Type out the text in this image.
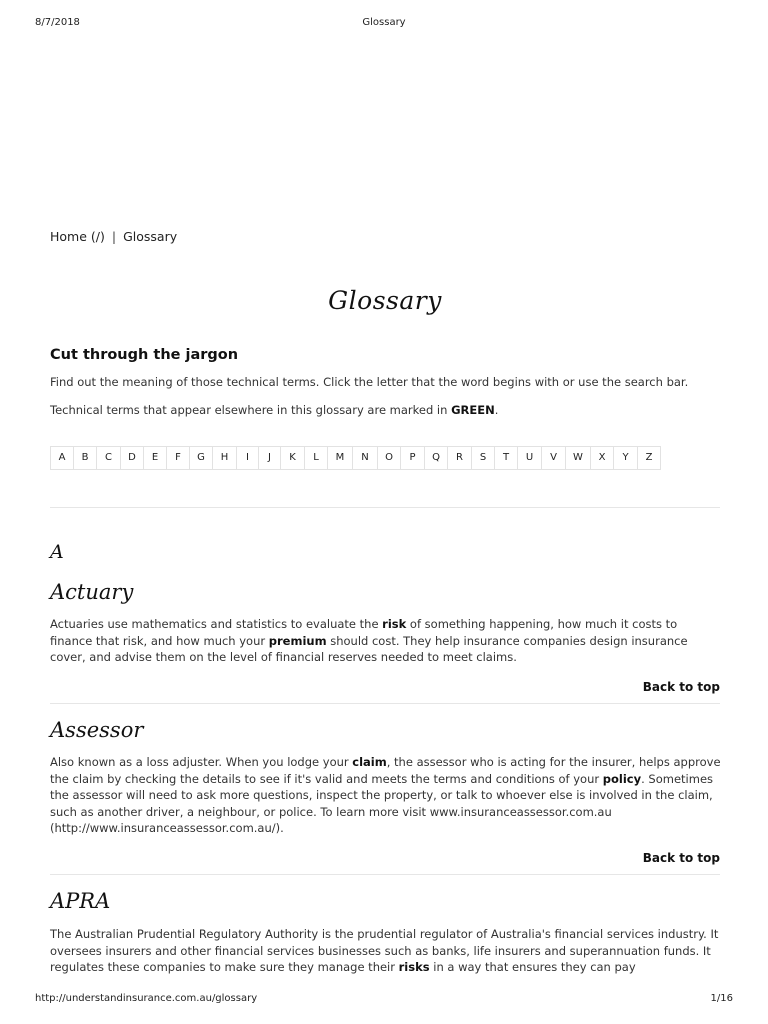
8/7/2018	Glossary
Home (/) | Glossary
Glossary
Cut through the jargon

Find out the meaning of those technical terms. Click the letter that the word begins with or use the search bar.

Technical terms that appear elsewhere in this glossary are marked in GREEN.

A	B	C	D	E	F	G	H	I	J	K	L	M	N	O	P	Q	R	S	T	U	V	W	X	Y	Z
A
Actuary

Actuaries use mathematics and statistics to evaluate the risk of something happening, how much it costs to finance that risk, and how much your premium should cost. They help insurance companies design insurance cover, and advise them on the level of financial reserves needed to meet claims.

Back to top
Assessor

Also known as a loss adjuster. When you lodge your claim, the assessor who is acting for the insurer, helps approve the claim by checking the details to see if it's valid and meets the terms and conditions of your policy. Sometimes the assessor will need to ask more questions, inspect the property, or talk to whoever else is involved in the claim, such as another driver, a neighbour, or police. To learn more visit www.insuranceassessor.com.au (http://www.insuranceassessor.com.au/).

Back to top
APRA

The Australian Prudential Regulatory Authority is the prudential regulator of Australia's financial services industry. It oversees insurers and other financial services businesses such as banks, life insurers and superannuation funds. It regulates these companies to make sure they manage their risks in a way that ensures they can pay

http://understandinsurance.com.au/glossary	1/16
